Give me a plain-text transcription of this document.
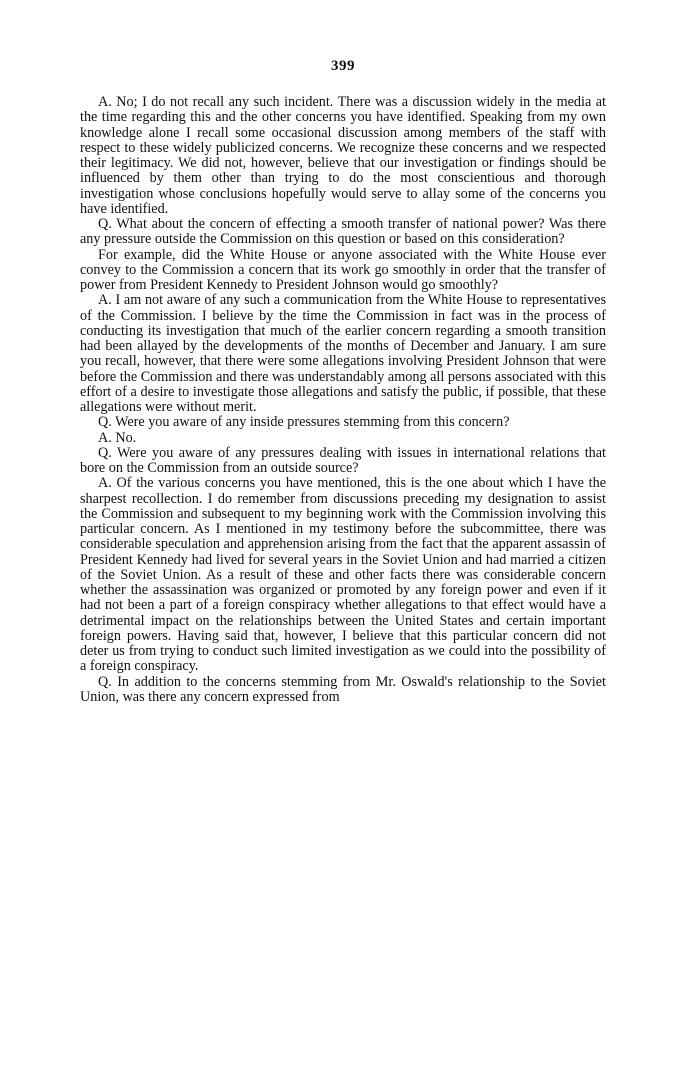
399

A. No; I do not recall any such incident. There was a discussion widely in the media at the time regarding this and the other concerns you have identified. Speaking from my own knowledge alone I recall some occasional discussion among members of the staff with respect to these widely publicized concerns. We recognize these concerns and we respected their legitimacy. We did not, however, believe that our investigation or findings should be influenced by them other than trying to do the most conscientious and thorough investigation whose conclusions hopefully would serve to allay some of the concerns you have identified.

Q. What about the concern of effecting a smooth transfer of national power? Was there any pressure outside the Commission on this question or based on this consideration?

For example, did the White House or anyone associated with the White House ever convey to the Commission a concern that its work go smoothly in order that the transfer of power from President Kennedy to President Johnson would go smoothly?

A. I am not aware of any such a communication from the White House to representatives of the Commission. I believe by the time the Commission in fact was in the process of conducting its investigation that much of the earlier concern regarding a smooth transition had been allayed by the developments of the months of December and January. I am sure you recall, however, that there were some allegations involving President Johnson that were before the Commission and there was understandably among all persons associated with this effort of a desire to investigate those allegations and satisfy the public, if possible, that these allegations were without merit.

Q. Were you aware of any inside pressures stemming from this concern?

A. No.

Q. Were you aware of any pressures dealing with issues in international relations that bore on the Commission from an outside source?

A. Of the various concerns you have mentioned, this is the one about which I have the sharpest recollection. I do remember from discussions preceding my designation to assist the Commission and subsequent to my beginning work with the Commission involving this particular concern. As I mentioned in my testimony before the subcommittee, there was considerable speculation and apprehension arising from the fact that the apparent assassin of President Kennedy had lived for several years in the Soviet Union and had married a citizen of the Soviet Union. As a result of these and other facts there was considerable concern whether the assassination was organized or promoted by any foreign power and even if it had not been a part of a foreign conspiracy whether allegations to that effect would have a detrimental impact on the relationships between the United States and certain important foreign powers. Having said that, however, I believe that this particular concern did not deter us from trying to conduct such limited investigation as we could into the possibility of a foreign conspiracy.

Q. In addition to the concerns stemming from Mr. Oswald's relationship to the Soviet Union, was there any concern expressed from
